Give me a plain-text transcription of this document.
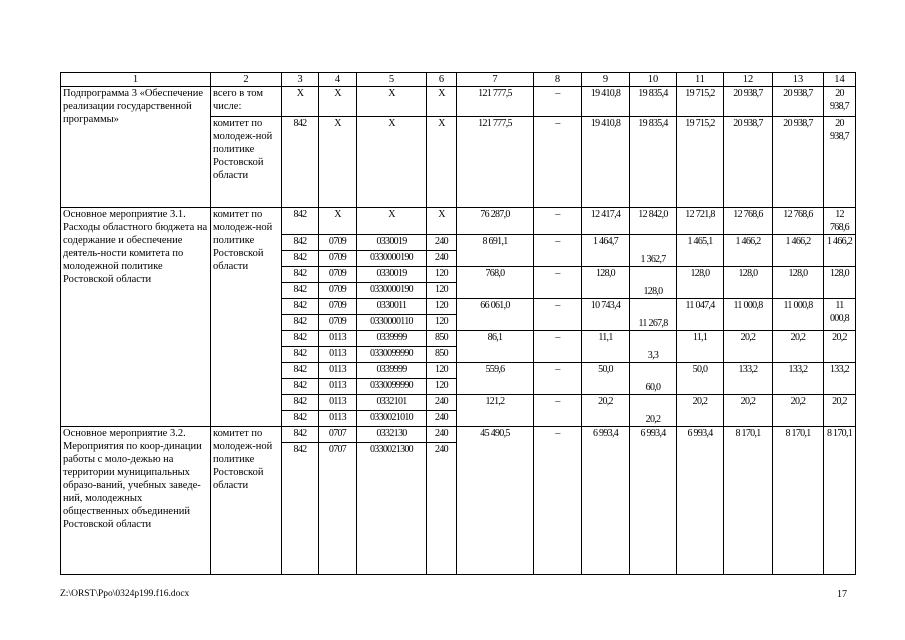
1	2	3	4	5	6	7	8	9	10	11	12	13	14
Подпрограмма 3 «Обеспечение реализации государственной программы»	всего в том числе:	Х	Х	Х	Х	121 777,5	–	19 410,8	19 835,4	19 715,2	20 938,7	20 938,7	20 938,7
	комитет по молодеж-ной политике Ростовской области	842	Х	Х	Х	121 777,5	–	19 410,8	19 835,4	19 715,2	20 938,7	20 938,7	20 938,7
Основное мероприятие 3.1. Расходы областного бюджета на содержание и обеспечение деятель-ности комитета по молодежной политике Ростовской области	комитет по молодеж-ной политике Ростовской области	842	Х	Х	Х	76 287,0	–	12 417,4	12 842,0	12 721,8	12 768,6	12 768,6	12 768,6
		842	0709	0330019	240	8 691,1	–	1 464,7	1 362,7	1 465,1	1 466,2	1 466,2	1 466,2
		842	0709	0330000190	240								
		842	0709	0330019	120	768,0	–	128,0	128,0	128,0	128,0	128,0	128,0
		842	0709	0330000190	120								
		842	0709	0330011	120	66 061,0	–	10 743,4	11 267,8	11 047,4	11 000,8	11 000,8	11 000,8
		842	0709	0330000110	120								
		842	0113	0339999	850	86,1	–	11,1	3,3	11,1	20,2	20,2	20,2
		842	0113	0330099990	850								
		842	0113	0339999	120	559,6	–	50,0	60,0	50,0	133,2	133,2	133,2
		842	0113	0330099990	120								
		842	0113	0332101	240	121,2	–	20,2	20,2	20,2	20,2	20,2	20,2
		842	0113	0330021010	240								
Основное мероприятие 3.2. Мероприятия по коор-динации работы с моло-дежью на территории муниципальных образо-ваний, учебных заведе-ний, молодежных общественных объединений Ростовской области	комитет по молодеж-ной политике Ростовской области	842	0707	0332130	240	45 490,5	–	6 993,4	6 993,4	6 993,4	8 170,1	8 170,1	8 170,1
		842	0707	0330021300	240								
Z:\ORST\Ppo\0324p199.f16.docx	17
